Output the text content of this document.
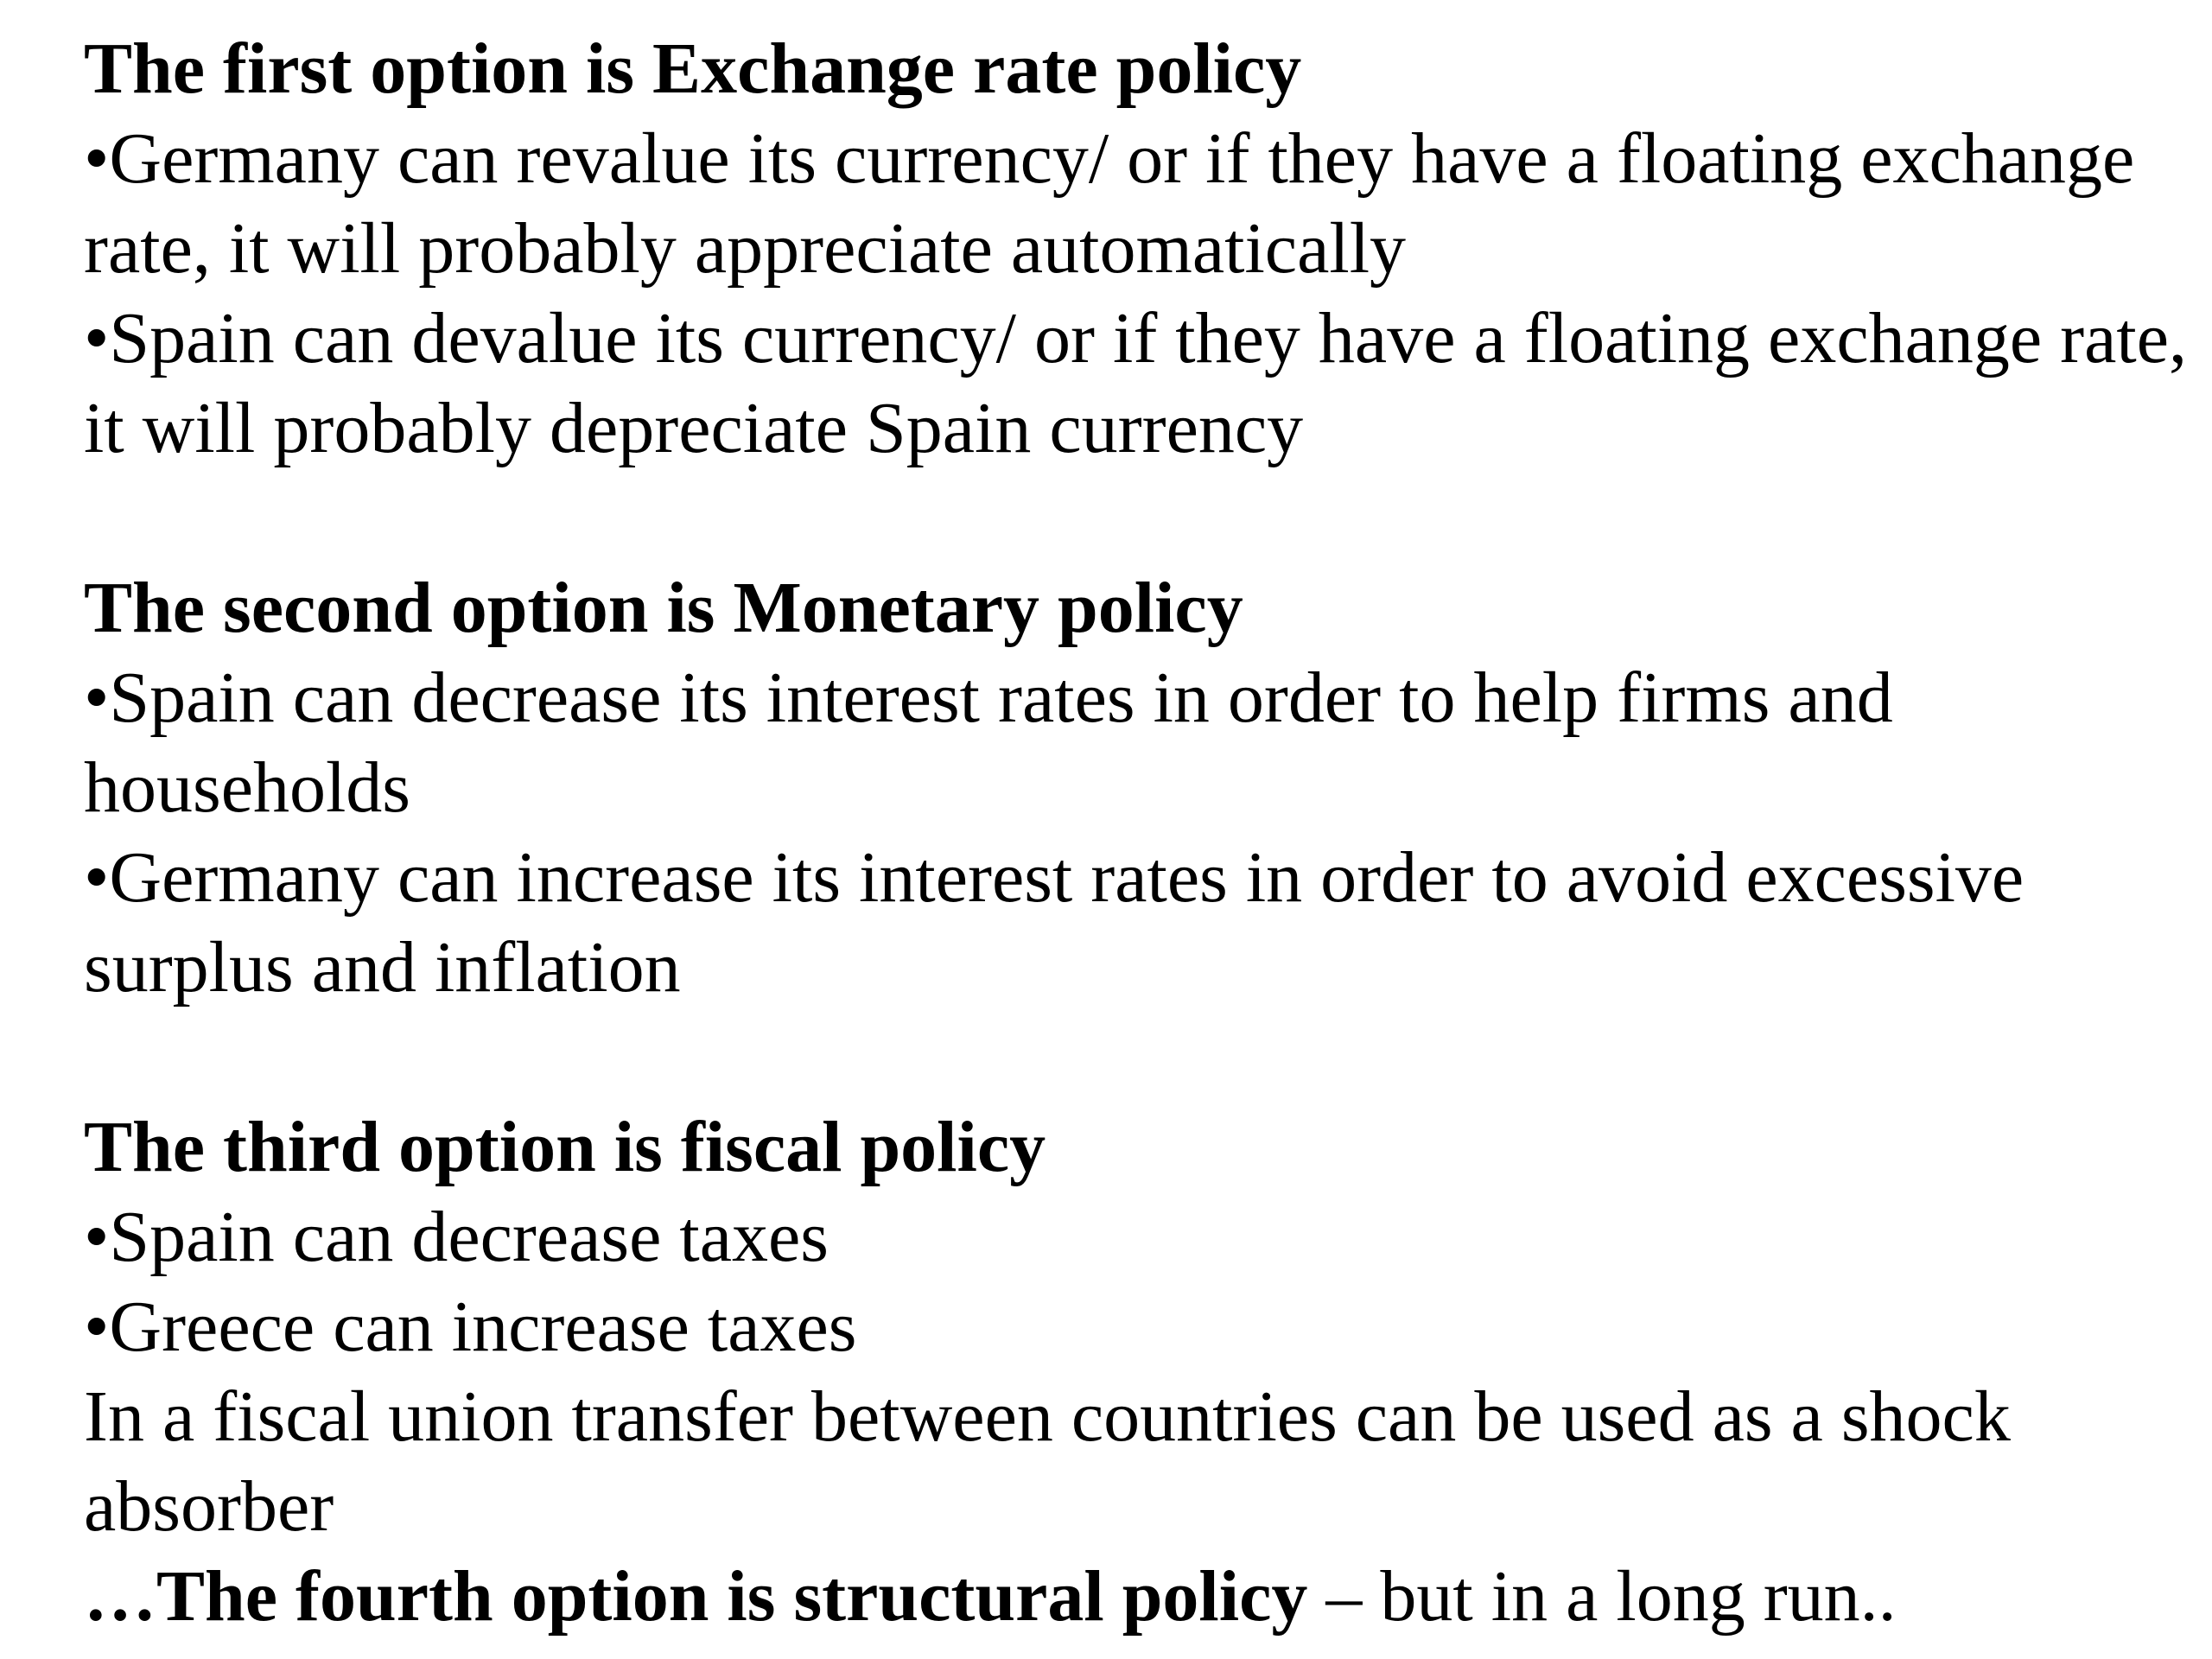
The first option is Exchange rate policy

•Germany can revalue its currency/ or if they have a floating exchange rate, it will probably appreciate automatically

•Spain can devalue its currency/ or if they have a floating exchange rate, it will probably depreciate Spain currency

The second option is Monetary policy

•Spain can decrease its interest rates in order to help firms and households

•Germany can increase its interest rates in order to avoid excessive surplus and inflation

The third option is fiscal policy

•Spain can decrease taxes

•Greece can increase taxes

In a fiscal union transfer between countries can be used as a shock absorber

…The fourth option is structural policy – but in a long run..
